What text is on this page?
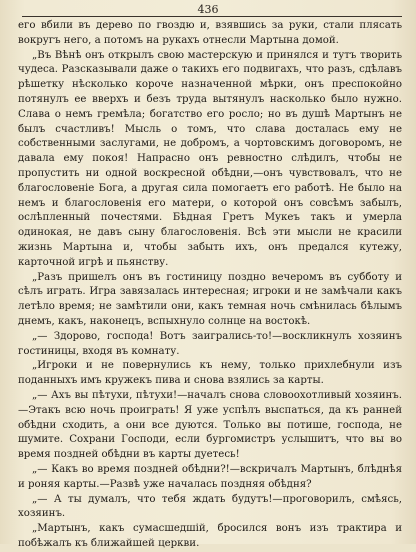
436

его вбили въ дерево по гвоздю и, взявшись за руки, стали плясать вокругъ него, а потомъ на рукахъ отнесли Мартына домой.

„Въ Вѣнѣ онъ открылъ свою мастерскую и принялся и тутъ творить чудеса. Разсказывали даже о такихъ его подвигахъ, что разъ, сдѣлавъ рѣшетку нѣсколько короче назначенной мѣрки, онъ преспокойно потянулъ ее вверхъ и безъ труда вытянулъ насколько было нужно. Слава о немъ гремѣла; богатство его росло; но въ душѣ Мартынъ не былъ счастливъ! Мысль о томъ, что слава досталась ему не собственными заслугами, не добромъ, а чортовскимъ договоромъ, не давала ему покоя! Напрасно онъ ревностно слѣдилъ, чтобы не пропустить ни одной воскресной обѣдни,—онъ чувствовалъ, что не благословеніе Бога, а другая сила помогаетъ его работѣ. Не было на немъ и благословенія его матери, о которой онъ совсѣмъ забылъ, ослѣпленный почестями. Бѣдная Гретъ Мукеъ такъ и умерла одинокая, не давъ сыну благословенія. Всѣ эти мысли не красили жизнь Мартына и, чтобы забыть ихъ, онъ предался кутежу, карточной игрѣ и пьянству.

„Разъ пришелъ онъ въ гостиницу поздно вечеромъ въ субботу и сѣлъ играть. Игра завязалась интересная; игроки и не замѣчали какъ летѣло время; не замѣтили они, какъ темная ночь смѣнилась бѣлымъ днемъ, какъ, наконецъ, вспыхнуло солнце на востокѣ.

„— Здорово, господа! Вотъ заигрались-то!—воскликнулъ хозяинъ гостиницы, входя въ комнату.

„Игроки и не повернулись къ нему, только прихлебнули изъ поданныхъ имъ кружекъ пива и снова взялись за карты.

„— Ахъ вы пѣтухи, пѣтухи!—началъ снова словоохотливый хозяинъ.—Этакъ всю ночь проиграть! Я уже успѣлъ выспаться, да къ ранней обѣдни сходить, а они все дуются. Только вы потише, господа, не шумите. Сохрани Господи, если бургомистръ услышитъ, что вы во время поздней обѣдни въ карты дуетесь!

„— Какъ во время поздней обѣдни?!—вскричалъ Мартынъ, блѣднѣя и роняя карты.—Развѣ уже началась поздняя обѣдня?

„— А ты думалъ, что тебя ждать будутъ!—проговорилъ, смѣясь, хозяинъ.

„Мартынъ, какъ сумасшедшій, бросился вонъ изъ трактира и побѣжалъ къ ближайшей церкви.
